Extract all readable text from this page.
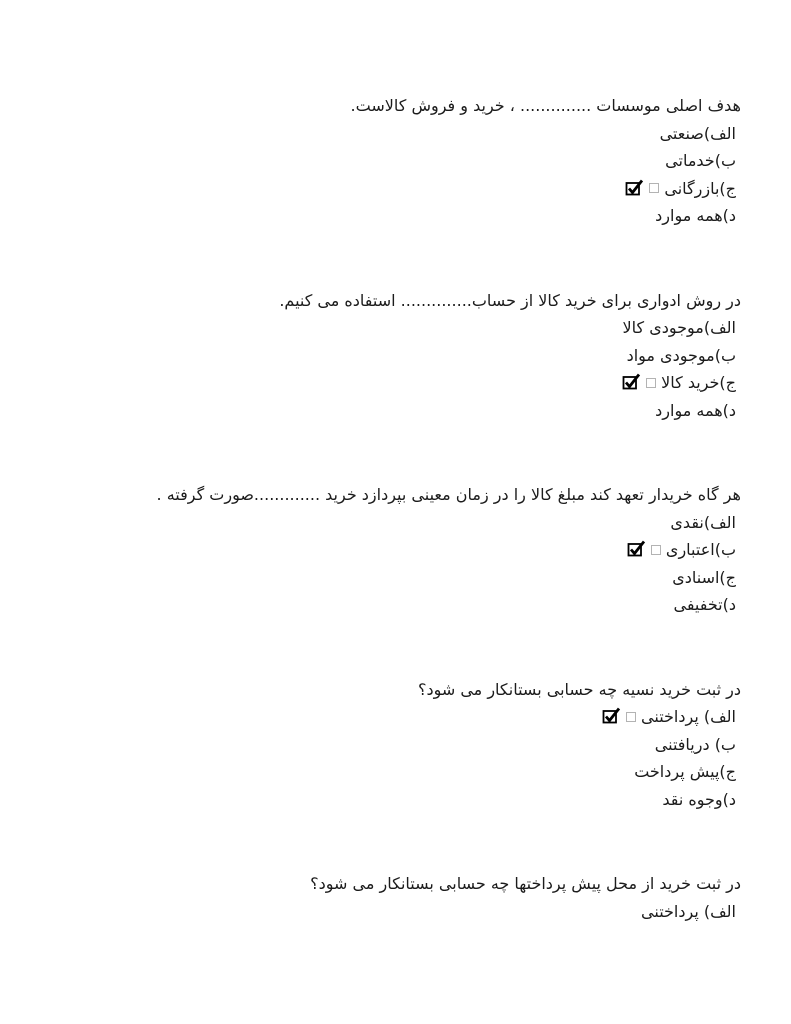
هدف اصلی موسسات .............. ، خرید و فروش کالاست.
الف)صنعتی
ب)خدماتی
ج)بازرگانی
د)همه موارد
در روش ادواری برای خرید کالا از حساب.............. استفاده می کنیم.
الف)موجودی کالا
ب)موجودی مواد
ج)خرید کالا
د)همه موارد
هر گاه خریدار تعهد کند مبلغ کالا را در زمان معینی بپردازد خرید .............صورت گرفته .
الف)نقدی
ب)اعتباری
ج)اسنادی
د)تخفیفی
در ثبت خرید نسیه چه حسابی بستانکار می شود؟
الف) پرداختنی
ب) دریافتنی
ج)پیش پرداخت
د)وجوه نقد
در ثبت خرید از محل پیش پرداختها چه حسابی بستانکار می شود؟
الف) پرداختنی
